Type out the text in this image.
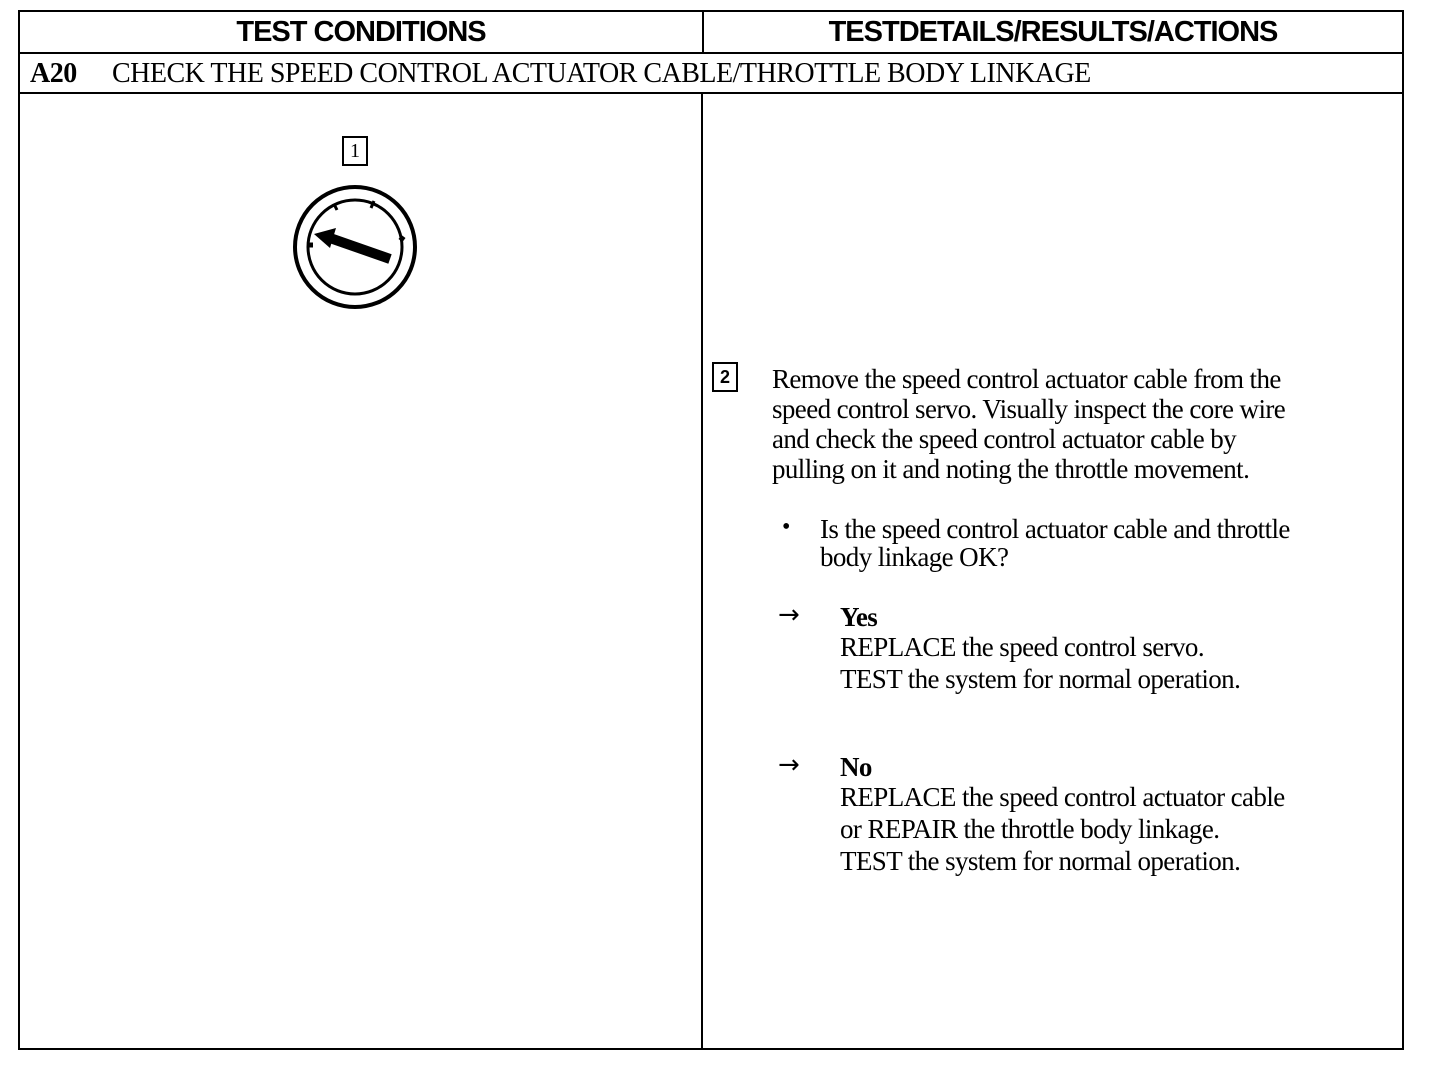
TEST CONDITIONS	TESTDETAILS/RESULTS/ACTIONS
A20	CHECK THE SPEED CONTROL ACTUATOR CABLE/THROTTLE BODY LINKAGE
1
2 Remove the speed control actuator cable from the

speed control servo. Visually inspect the core wire

and check the speed control actuator cable by

pulling on it and noting the throttle movement.

• Is the speed control actuator cable and throttle

body linkage OK?

→ Yes

REPLACE the speed control servo.

TEST the system for normal operation.

→ No

REPLACE the speed control actuator cable

or REPAIR the throttle body linkage.

TEST the system for normal operation.
